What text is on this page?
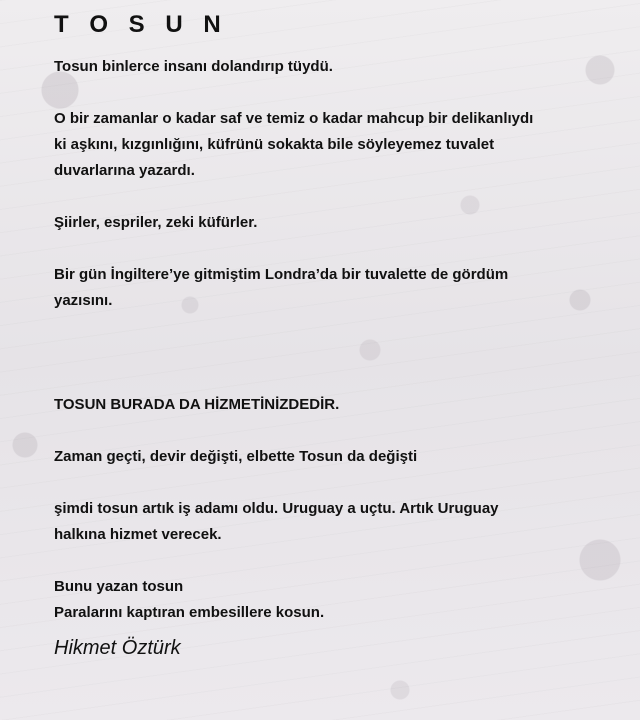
T O S U N
Tosun binlerce insanı dolandırıp tüydü.
O bir zamanlar o kadar saf ve temiz o kadar mahcup bir delikanlıydı
ki aşkını, kızgınlığını, küfrünü sokakta bile söyleyemez tuvalet
duvarlarına yazardı.
Şiirler, espriler, zeki küfürler.
Bir gün İngiltere’ye gitmiştim Londra’da bir tuvalette de gördüm
yazısını.
TOSUN BURADA DA HİZMETİNİZDEDİR.
Zaman geçti, devir değişti, elbette Tosun da değişti
şimdi tosun artık iş adamı oldu. Uruguay a uçtu. Artık Uruguay
halkına hizmet verecek.
Bunu yazan tosun
Paralarını kaptıran embesillere kosun.
Hikmet Öztürk
